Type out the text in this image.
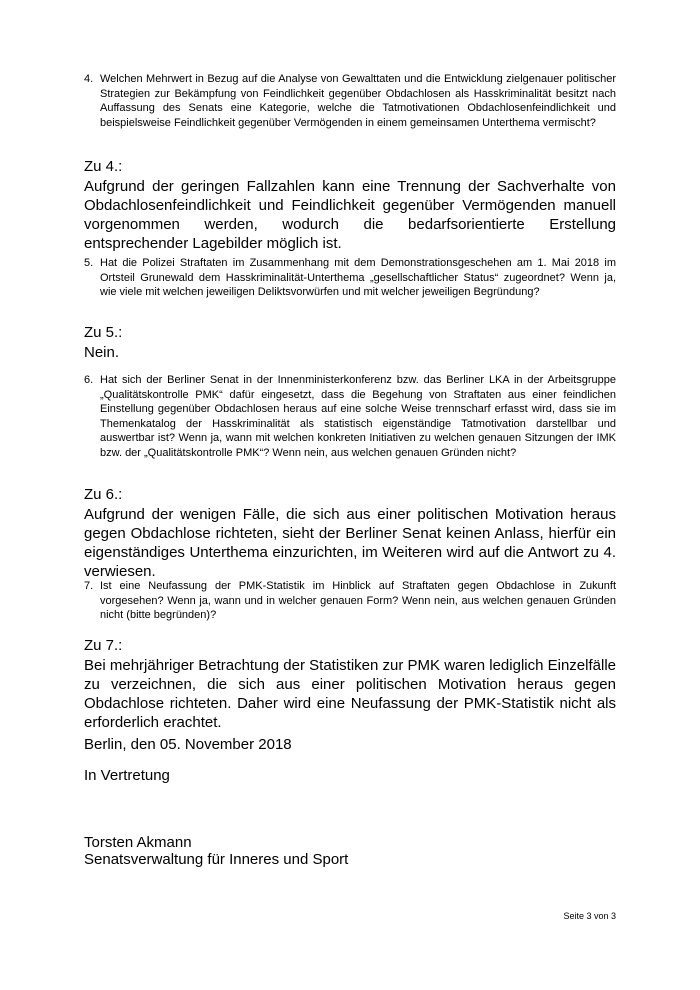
4. Welchen Mehrwert in Bezug auf die Analyse von Gewalttaten und die Entwicklung zielgenauer politischer Strategien zur Bekämpfung von Feindlichkeit gegenüber Obdachlosen als Hasskriminalität besitzt nach Auffassung des Senats eine Kategorie, welche die Tatmotivationen Obdachlosenfeindlichkeit und beispielsweise Feindlichkeit gegenüber Vermögenden in einem gemeinsamen Unterthema vermischt?
Zu 4.:
Aufgrund der geringen Fallzahlen kann eine Trennung der Sachverhalte von Obdachlosenfeindlichkeit und Feindlichkeit gegenüber Vermögenden manuell vorgenommen werden, wodurch die bedarfsorientierte Erstellung entsprechender Lagebilder möglich ist.
5. Hat die Polizei Straftaten im Zusammenhang mit dem Demonstrationsgeschehen am 1. Mai 2018 im Ortsteil Grunewald dem Hasskriminalität-Unterthema „gesellschaftlicher Status“ zugeordnet? Wenn ja, wie viele mit welchen jeweiligen Deliktsvorwürfen und mit welcher jeweiligen Begründung?
Zu 5.:
Nein.
6. Hat sich der Berliner Senat in der Innenministerkonferenz bzw. das Berliner LKA in der Arbeitsgruppe „Qualitätskontrolle PMK“ dafür eingesetzt, dass die Begehung von Straftaten aus einer feindlichen Einstellung gegenüber Obdachlosen heraus auf eine solche Weise trennscharf erfasst wird, dass sie im Themenkatalog der Hasskriminalität als statistisch eigenständige Tatmotivation darstellbar und auswertbar ist? Wenn ja, wann mit welchen konkreten Initiativen zu welchen genauen Sitzungen der IMK bzw. der „Qualitätskontrolle PMK“? Wenn nein, aus welchen genauen Gründen nicht?
Zu 6.:
Aufgrund der wenigen Fälle, die sich aus einer politischen Motivation heraus gegen Obdachlose richteten, sieht der Berliner Senat keinen Anlass, hierfür ein eigenständiges Unterthema einzurichten, im Weiteren wird auf die Antwort zu 4. verwiesen.
7. Ist eine Neufassung der PMK-Statistik im Hinblick auf Straftaten gegen Obdachlose in Zukunft vorgesehen? Wenn ja, wann und in welcher genauen Form? Wenn nein, aus welchen genauen Gründen nicht (bitte begründen)?
Zu 7.:
Bei mehrjähriger Betrachtung der Statistiken zur PMK waren lediglich Einzelfälle zu verzeichnen, die sich aus einer politischen Motivation heraus gegen Obdachlose richteten. Daher wird eine Neufassung der PMK-Statistik nicht als erforderlich erachtet.
Berlin, den 05. November 2018
In Vertretung
Torsten Akmann
Senatsverwaltung für Inneres und Sport
Seite 3 von 3
